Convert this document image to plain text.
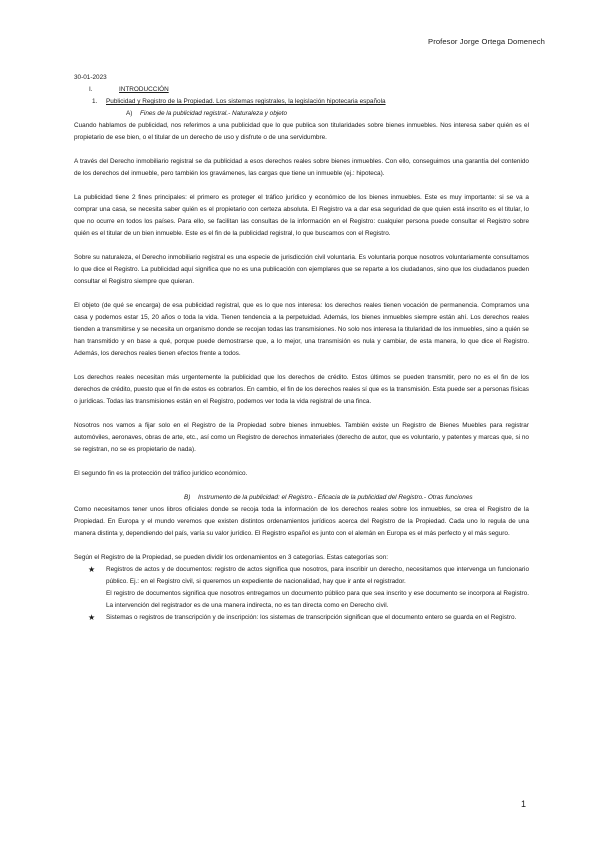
Profesor Jorge Ortega Domenech
30-01-2023
I.	INTRODUCCIÓN
1.	Publicidad y Registro de la Propiedad. Los sistemas registrales, la legislación hipotecaria española
A)	Fines de la publicidad registral.- Naturaleza y objeto

Cuando hablamos de publicidad, nos referimos a una publicidad que lo que publica son titularidades sobre bienes inmuebles. Nos interesa saber quién es el propietario de ese bien, o el titular de un derecho de uso y disfrute o de una servidumbre.

A través del Derecho inmobiliario registral se da publicidad a esos derechos reales sobre bienes inmuebles. Con ello, conseguimos una garantía del contenido de los derechos del inmueble, pero también los gravámenes, las cargas que tiene un inmueble (ej.: hipoteca).

La publicidad tiene 2 fines principales: el primero es proteger el tráfico jurídico y económico de los bienes inmuebles. Este es muy importante: si se va a comprar una casa, se necesita saber quién es el propietario con certeza absoluta. El Registro va a dar esa seguridad de que quien está inscrito es el titular, lo que no ocurre en todos los países. Para ello, se facilitan las consultas de la información en el Registro: cualquier persona puede consultar el Registro sobre quién es el titular de un bien inmueble. Este es el fin de la publicidad registral, lo que buscamos con el Registro.

Sobre su naturaleza, el Derecho inmobiliario registral es una especie de jurisdicción civil voluntaria. Es voluntaria porque nosotros voluntariamente consultamos lo que dice el Registro. La publicidad aquí significa que no es una publicación con ejemplares que se reparte a los ciudadanos, sino que los ciudadanos pueden consultar el Registro siempre que quieran.

El objeto (de qué se encarga) de esa publicidad registral, que es lo que nos interesa: los derechos reales tienen vocación de permanencia. Compramos una casa y podemos estar 15, 20 años o toda la vida. Tienen tendencia a la perpetuidad. Además, los bienes inmuebles siempre están ahí. Los derechos reales tienden a transmitirse y se necesita un organismo donde se recojan todas las transmisiones. No solo nos interesa la titularidad de los inmuebles, sino a quién se han transmitido y en base a qué, porque puede demostrarse que, a lo mejor, una transmisión es nula y cambiar, de esta manera, lo que dice el Registro. Además, los derechos reales tienen efectos frente a todos.

Los derechos reales necesitan más urgentemente la publicidad que los derechos de crédito. Estos últimos se pueden transmitir, pero no es el fin de los derechos de crédito, puesto que el fin de estos es cobrarlos. En cambio, el fin de los derechos reales sí que es la transmisión. Esta puede ser a personas físicas o jurídicas. Todas las transmisiones están en el Registro, podemos ver toda la vida registral de una finca.

Nosotros nos vamos a fijar solo en el Registro de la Propiedad sobre bienes inmuebles. También existe un Registro de Bienes Muebles para registrar automóviles, aeronaves, obras de arte, etc., así como un Registro de derechos inmateriales (derecho de autor, que es voluntario, y patentes y marcas que, si no se registran, no se es propietario de nada).

El segundo fin es la protección del tráfico jurídico económico.

B)	Instrumento de la publicidad: el Registro.- Eficacia de la publicidad del Registro.- Otras funciones

Como necesitamos tener unos libros oficiales donde se recoja toda la información de los derechos reales sobre los inmuebles, se crea el Registro de la Propiedad. En Europa y el mundo veremos que existen distintos ordenamientos jurídicos acerca del Registro de la Propiedad. Cada uno lo regula de una manera distinta y, dependiendo del país, varía su valor jurídico. El Registro español es junto con el alemán en Europa es el más perfecto y el más seguro.

Según el Registro de la Propiedad, se pueden dividir los ordenamientos en 3 categorías. Estas categorías son:

★ Registros de actos y de documentos: registro de actos significa que nosotros, para inscribir un derecho, necesitamos que intervenga un funcionario público. Ej.: en el Registro civil, si queremos un expediente de nacionalidad, hay que ir ante el registrador.
El registro de documentos significa que nosotros entregamos un documento público para que sea inscrito y ese documento se incorpora al Registro. La intervención del registrador es de una manera indirecta, no es tan directa como en Derecho civil.
★ Sistemas o registros de transcripción y de inscripción: los sistemas de transcripción significan que el documento entero se guarda en el Registro.
1
